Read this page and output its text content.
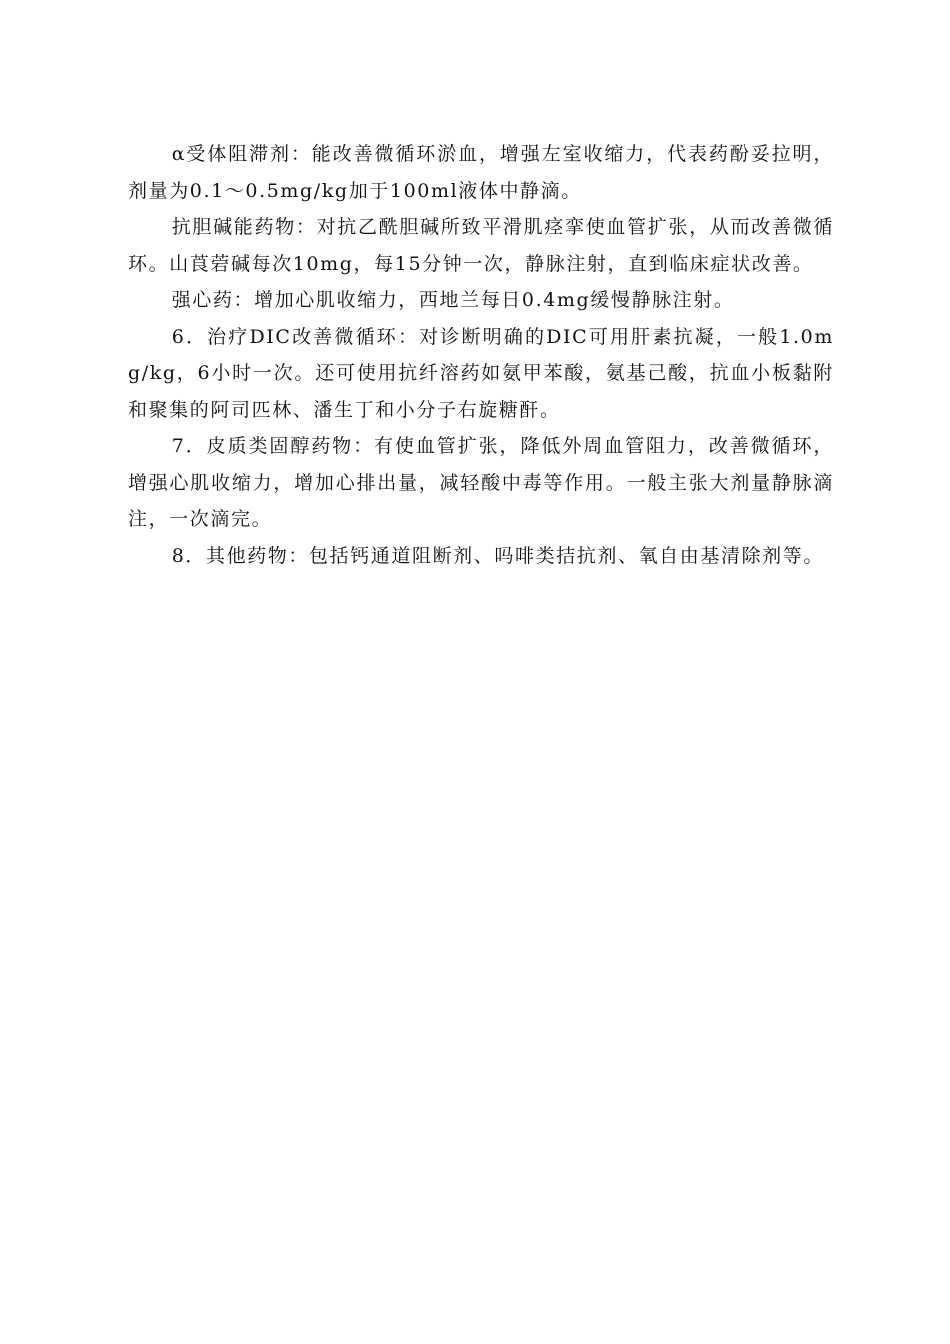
α受体阻滞剂：能改善微循环淤血，增强左室收缩力，代表药酚妥拉明，剂量为0.1～0.5mg/kg加于100ml液体中静滴。

抗胆碱能药物：对抗乙酰胆碱所致平滑肌痉挛使血管扩张，从而改善微循环。山莨菪碱每次10mg，每15分钟一次，静脉注射，直到临床症状改善。

强心药：增加心肌收缩力，西地兰每日0.4mg缓慢静脉注射。

6．治疗DIC改善微循环：对诊断明确的DIC可用肝素抗凝，一般1.0mg/kg，6小时一次。还可使用抗纤溶药如氨甲苯酸，氨基己酸，抗血小板黏附和聚集的阿司匹林、潘生丁和小分子右旋糖酐。

7．皮质类固醇药物：有使血管扩张，降低外周血管阻力，改善微循环，增强心肌收缩力，增加心排出量，减轻酸中毒等作用。一般主张大剂量静脉滴注，一次滴完。

8．其他药物：包括钙通道阻断剂、吗啡类拮抗剂、氧自由基清除剂等。
